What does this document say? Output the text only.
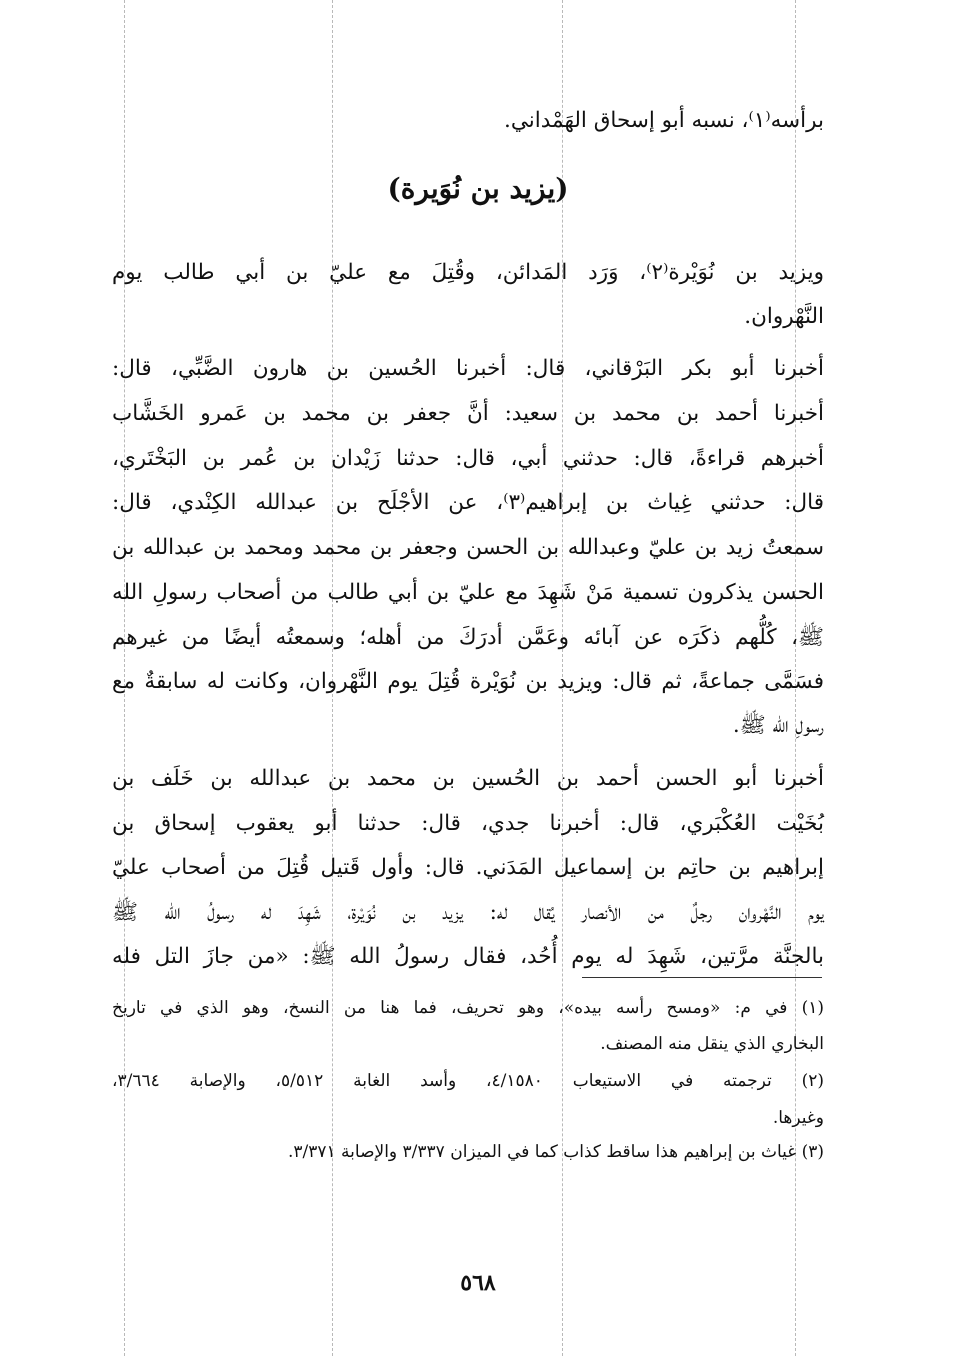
برأسه⁽١⁾، نسبه أبو إسحاق الهَمْداني.
(يزيد بن نُوَيرة)
ويزيد بن نُوَيْرة⁽٢⁾، وَرَد المَدائن، وقُتِلَ مع عليّ بن أبي طالب يوم
النَّهْروان.
أخبرنا أبو بكر البَرْقاني، قال: أخبرنا الحُسين بن هارون الضَّبِّي، قال:
أخبرنا أحمد بن محمد بن سعيد: أنَّ جعفر بن محمد بن عَمرو الخَشَّاب
أخبرهم قراءةً، قال: حدثني أبي، قال: حدثنا زَيْدان بن عُمر بن البَخْتَري،
قال: حدثني غِياث بن إبراهيم⁽٣⁾، عن الأجْلَح بن عبدالله الكِنْدي، قال:
سمعتُ زيد بن عليّ وعبدالله بن الحسن وجعفر بن محمد ومحمد بن عبدالله بن
الحسن يذكرون تسمية مَنْ شَهِدَ مع عليّ بن أبي طالب من أصحاب رسولِ الله
ﷺ، كُلُّهم ذكَرَه عن آبائه وعَمَّن أدرَكَ من أهله؛ وسمعتُه أيضًا من غيرهم
فسَمَّى جماعةً، ثم قال: ويزيد بن نُوَيْرة قُتِلَ يوم النَّهْروان، وكانت له سابقةٌ مع
رسولِ الله ﷺ.
أخبرنا أبو الحسن أحمد بن الحُسين بن محمد بن عبدالله بن خَلَف بن
بُخَيْت العُكْبَري، قال: أخبرنا جدي، قال: حدثنا أبو يعقوب إسحاق بن
إبراهيم بن حاتِم بن إسماعيل المَدَني. قال: وأول قَتيل قُتِلَ من أصحاب عليّ
يوم النَّهْروان رجلٌ من الأنصار يُقال له: يزيد بن نُوَيْرة، شَهِدَ له رسولُ الله ﷺ
بالجنَّة مرَّتين، شَهِدَ له يوم أُحُد، فقال رسولُ الله ﷺ: «من جازَ التل فله
(١) في م: «ومسح رأسه بيده»، وهو تحريف، فما هنا من النسخ، وهو الذي في تاريخ
البخاري الذي ينقل منه المصنف.
(٢) ترجمته في الاستيعاب ٤/١٥٨٠، وأسد الغابة ٥/٥١٢، والإصابة ٣/٦٦٤،
وغيرها.
(٣) غياث بن إبراهيم هذا ساقط كذاب كما في الميزان ٣/٣٣٧ والإصابة ٣/٣٧١.
٥٦٨
